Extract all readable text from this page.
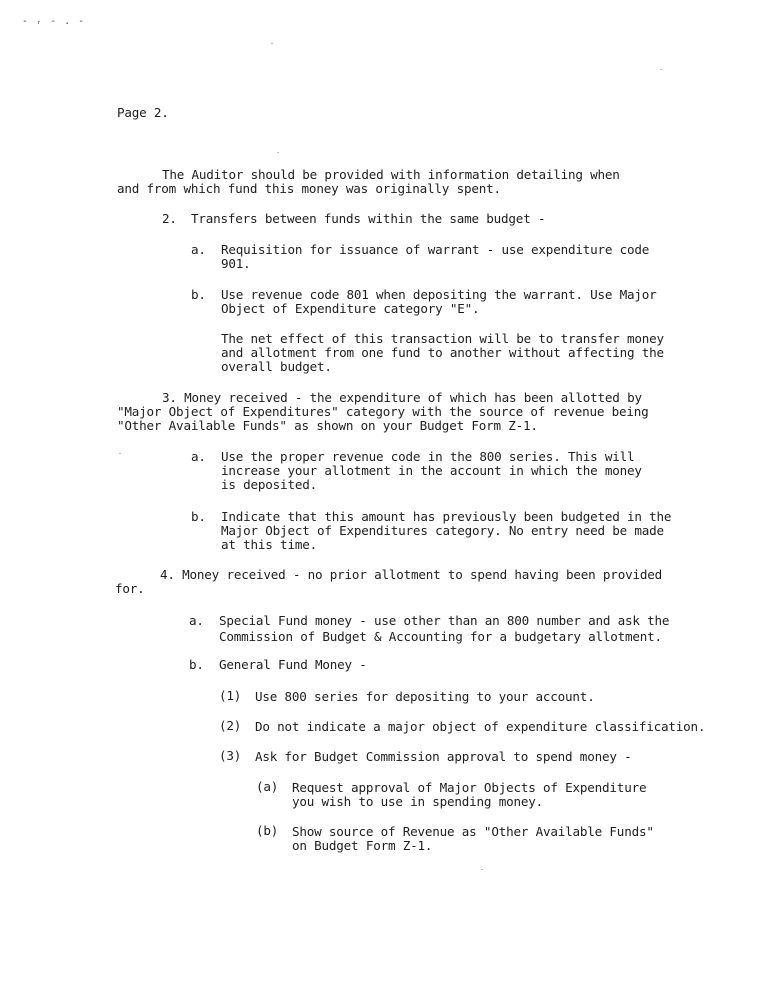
- ᵣ - . -

Page 2.

The Auditor should be provided with information detailing when

and from which fund this money was originally spent.

2. Transfers between funds within the same budget -

a. Requisition for issuance of warrant - use expenditure code

901.

b. Use revenue code 801 when depositing the warrant. Use Major

Object of Expenditure category "E".

The net effect of this transaction will be to transfer money

and allotment from one fund to another without affecting the

overall budget.

3. Money received - the expenditure of which has been allotted by

"Major Object of Expenditures" category with the source of revenue being

"Other Available Funds" as shown on your Budget Form Z-1.

a. Use the proper revenue code in the 800 series. This will

increase your allotment in the account in which the money

is deposited.

b. Indicate that this amount has previously been budgeted in the

Major Object of Expenditures category. No entry need be made

at this time.

4. Money received - no prior allotment to spend having been provided

for.

a. Special Fund money - use other than an 800 number and ask the

Commission of Budget & Accounting for a budgetary allotment.

b. General Fund Money -

(1) Use 800 series for depositing to your account.

(2) Do not indicate a major object of expenditure classification.

(3) Ask for Budget Commission approval to spend money -

(a) Request approval of Major Objects of Expenditure

you wish to use in spending money.

(b) Show source of Revenue as "Other Available Funds"

on Budget Form Z-1.
